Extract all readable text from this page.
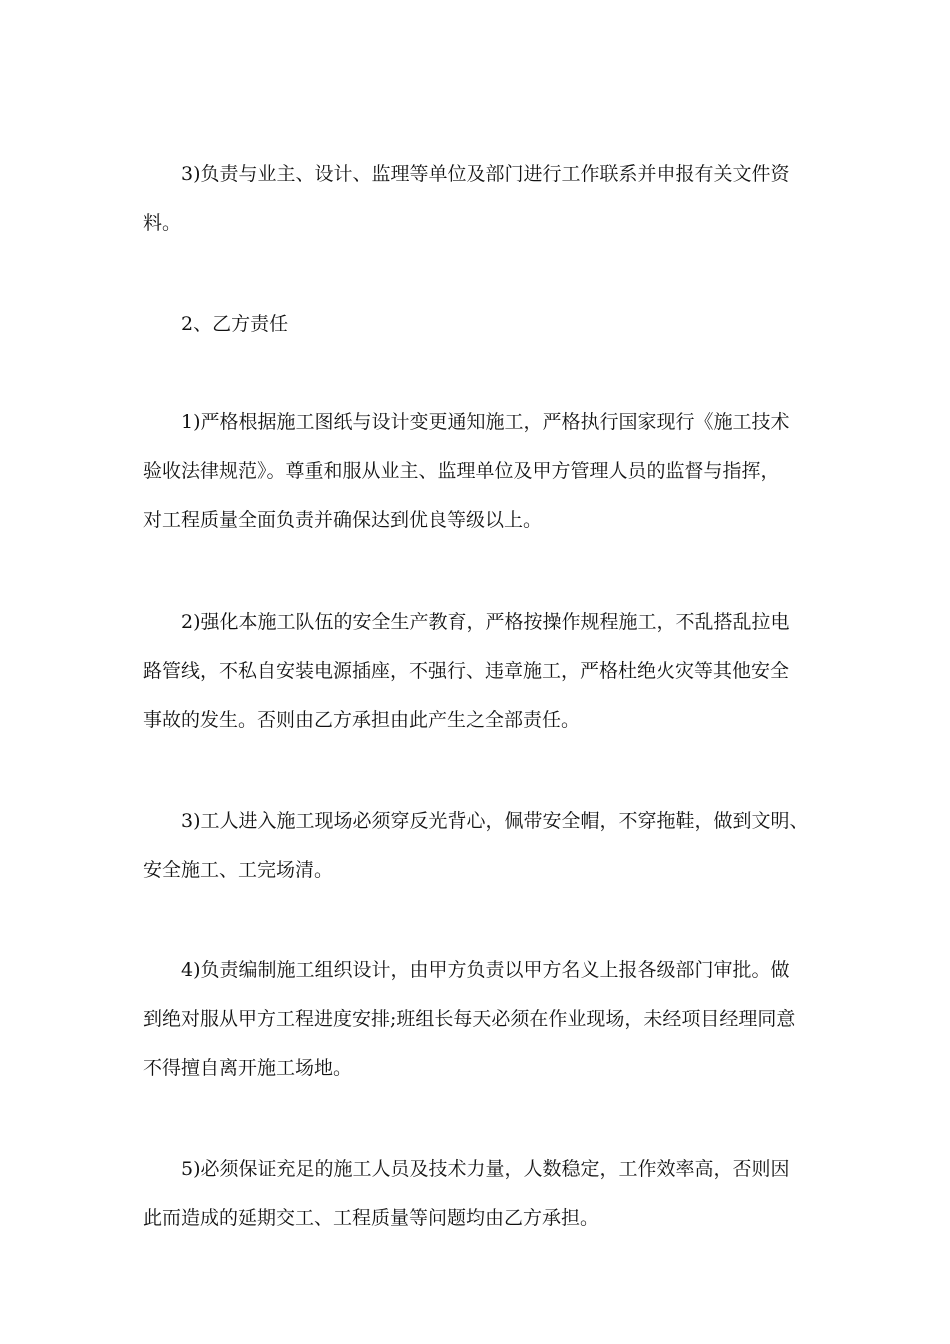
3)负责与业主、设计、监理等单位及部门进行工作联系并申报有关文件资
料。
2、乙方责任
1)严格根据施工图纸与设计变更通知施工，严格执行国家现行《施工技术
验收法律规范》。尊重和服从业主、监理单位及甲方管理人员的监督与指挥，
对工程质量全面负责并确保达到优良等级以上。
2)强化本施工队伍的安全生产教育，严格按操作规程施工，不乱搭乱拉电
路管线，不私自安装电源插座，不强行、违章施工，严格杜绝火灾等其他安全
事故的发生。否则由乙方承担由此产生之全部责任。
3)工人进入施工现场必须穿反光背心，佩带安全帽，不穿拖鞋，做到文明、
安全施工、工完场清。
4)负责编制施工组织设计，由甲方负责以甲方名义上报各级部门审批。做
到绝对服从甲方工程进度安排;班组长每天必须在作业现场，未经项目经理同意
不得擅自离开施工场地。
5)必须保证充足的施工人员及技术力量，人数稳定，工作效率高，否则因
此而造成的延期交工、工程质量等问题均由乙方承担。
